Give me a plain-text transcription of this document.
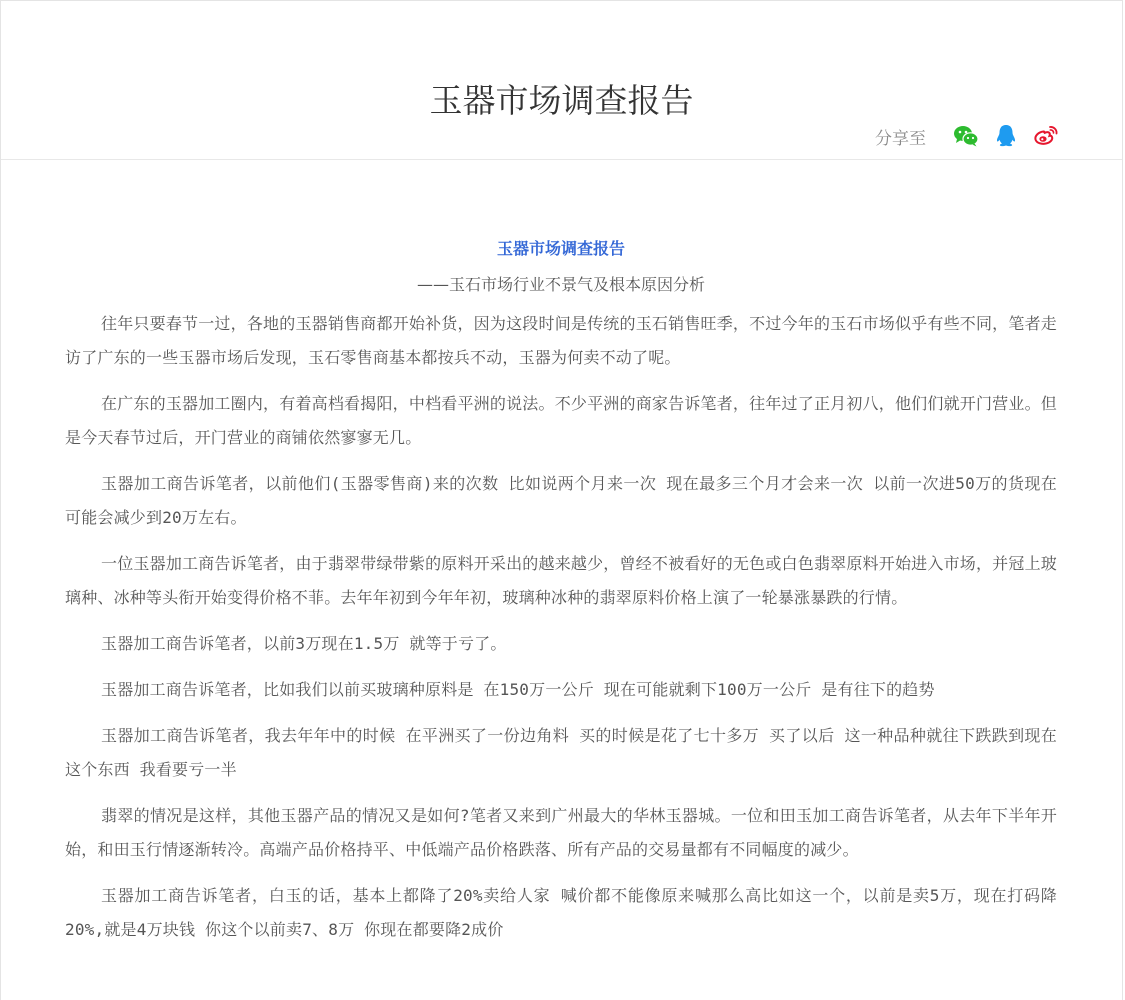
玉器市场调查报告
分享至
玉器市场调查报告
——玉石市场行业不景气及根本原因分析

往年只要春节一过，各地的玉器销售商都开始补货，因为这段时间是传统的玉石销售旺季，不过今年的玉石市场似乎有些不同，笔者走访了广东的一些玉器市场后发现，玉石零售商基本都按兵不动，玉器为何卖不动了呢。

在广东的玉器加工圈内，有着高档看揭阳，中档看平洲的说法。不少平洲的商家告诉笔者，往年过了正月初八，他们们就开门营业。但是今天春节过后，开门营业的商铺依然寥寥无几。

玉器加工商告诉笔者，以前他们(玉器零售商)来的次数 比如说两个月来一次 现在最多三个月才会来一次 以前一次进50万的货现在可能会减少到20万左右。

一位玉器加工商告诉笔者，由于翡翠带绿带紫的原料开采出的越来越少，曾经不被看好的无色或白色翡翠原料开始进入市场，并冠上玻璃种、冰种等头衔开始变得价格不菲。去年年初到今年年初，玻璃种冰种的翡翠原料价格上演了一轮暴涨暴跌的行情。

玉器加工商告诉笔者，以前3万现在1.5万 就等于亏了。

玉器加工商告诉笔者，比如我们以前买玻璃种原料是 在150万一公斤 现在可能就剩下100万一公斤 是有往下的趋势

玉器加工商告诉笔者，我去年年中的时候 在平洲买了一份边角料 买的时候是花了七十多万 买了以后 这一种品种就往下跌跌到现在这个东西 我看要亏一半

翡翠的情况是这样，其他玉器产品的情况又是如何?笔者又来到广州最大的华林玉器城。一位和田玉加工商告诉笔者，从去年下半年开始，和田玉行情逐渐转冷。高端产品价格持平、中低端产品价格跌落、所有产品的交易量都有不同幅度的减少。

玉器加工商告诉笔者，白玉的话，基本上都降了20%卖给人家 喊价都不能像原来喊那么高比如这一个，以前是卖5万，现在打码降20%,就是4万块钱 你这个以前卖7、8万 你现在都要降2成价
